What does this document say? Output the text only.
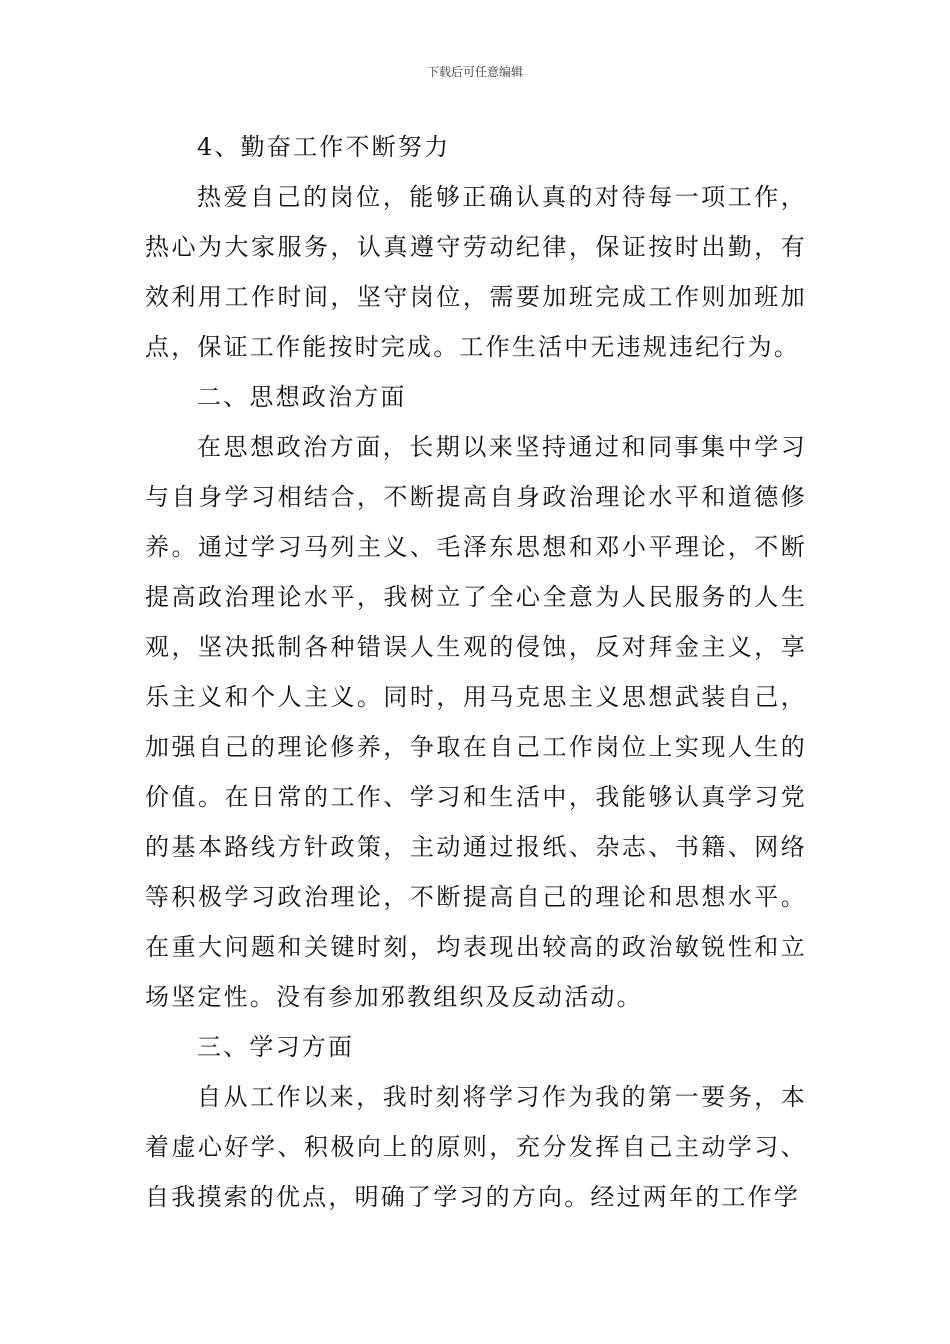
下载后可任意编辑

4、勤奋工作不断努力

热爱自己的岗位，能够正确认真的对待每一项工作，热心为大家服务，认真遵守劳动纪律，保证按时出勤，有效利用工作时间，坚守岗位，需要加班完成工作则加班加点，保证工作能按时完成。工作生活中无违规违纪行为。

二、思想政治方面

在思想政治方面，长期以来坚持通过和同事集中学习与自身学习相结合，不断提高自身政治理论水平和道德修养。通过学习马列主义、毛泽东思想和邓小平理论，不断提高政治理论水平，我树立了全心全意为人民服务的人生观，坚决抵制各种错误人生观的侵蚀，反对拜金主义，享乐主义和个人主义。同时，用马克思主义思想武装自己，加强自己的理论修养，争取在自己工作岗位上实现人生的价值。在日常的工作、学习和生活中，我能够认真学习党的基本路线方针政策，主动通过报纸、杂志、书籍、网络等积极学习政治理论，不断提高自己的理论和思想水平。在重大问题和关键时刻，均表现出较高的政治敏锐性和立场坚定性。没有参加邪教组织及反动活动。

三、学习方面

自从工作以来，我时刻将学习作为我的第一要务，本着虚心好学、积极向上的原则，充分发挥自己主动学习、自我摸索的优点，明确了学习的方向。经过两年的工作学
